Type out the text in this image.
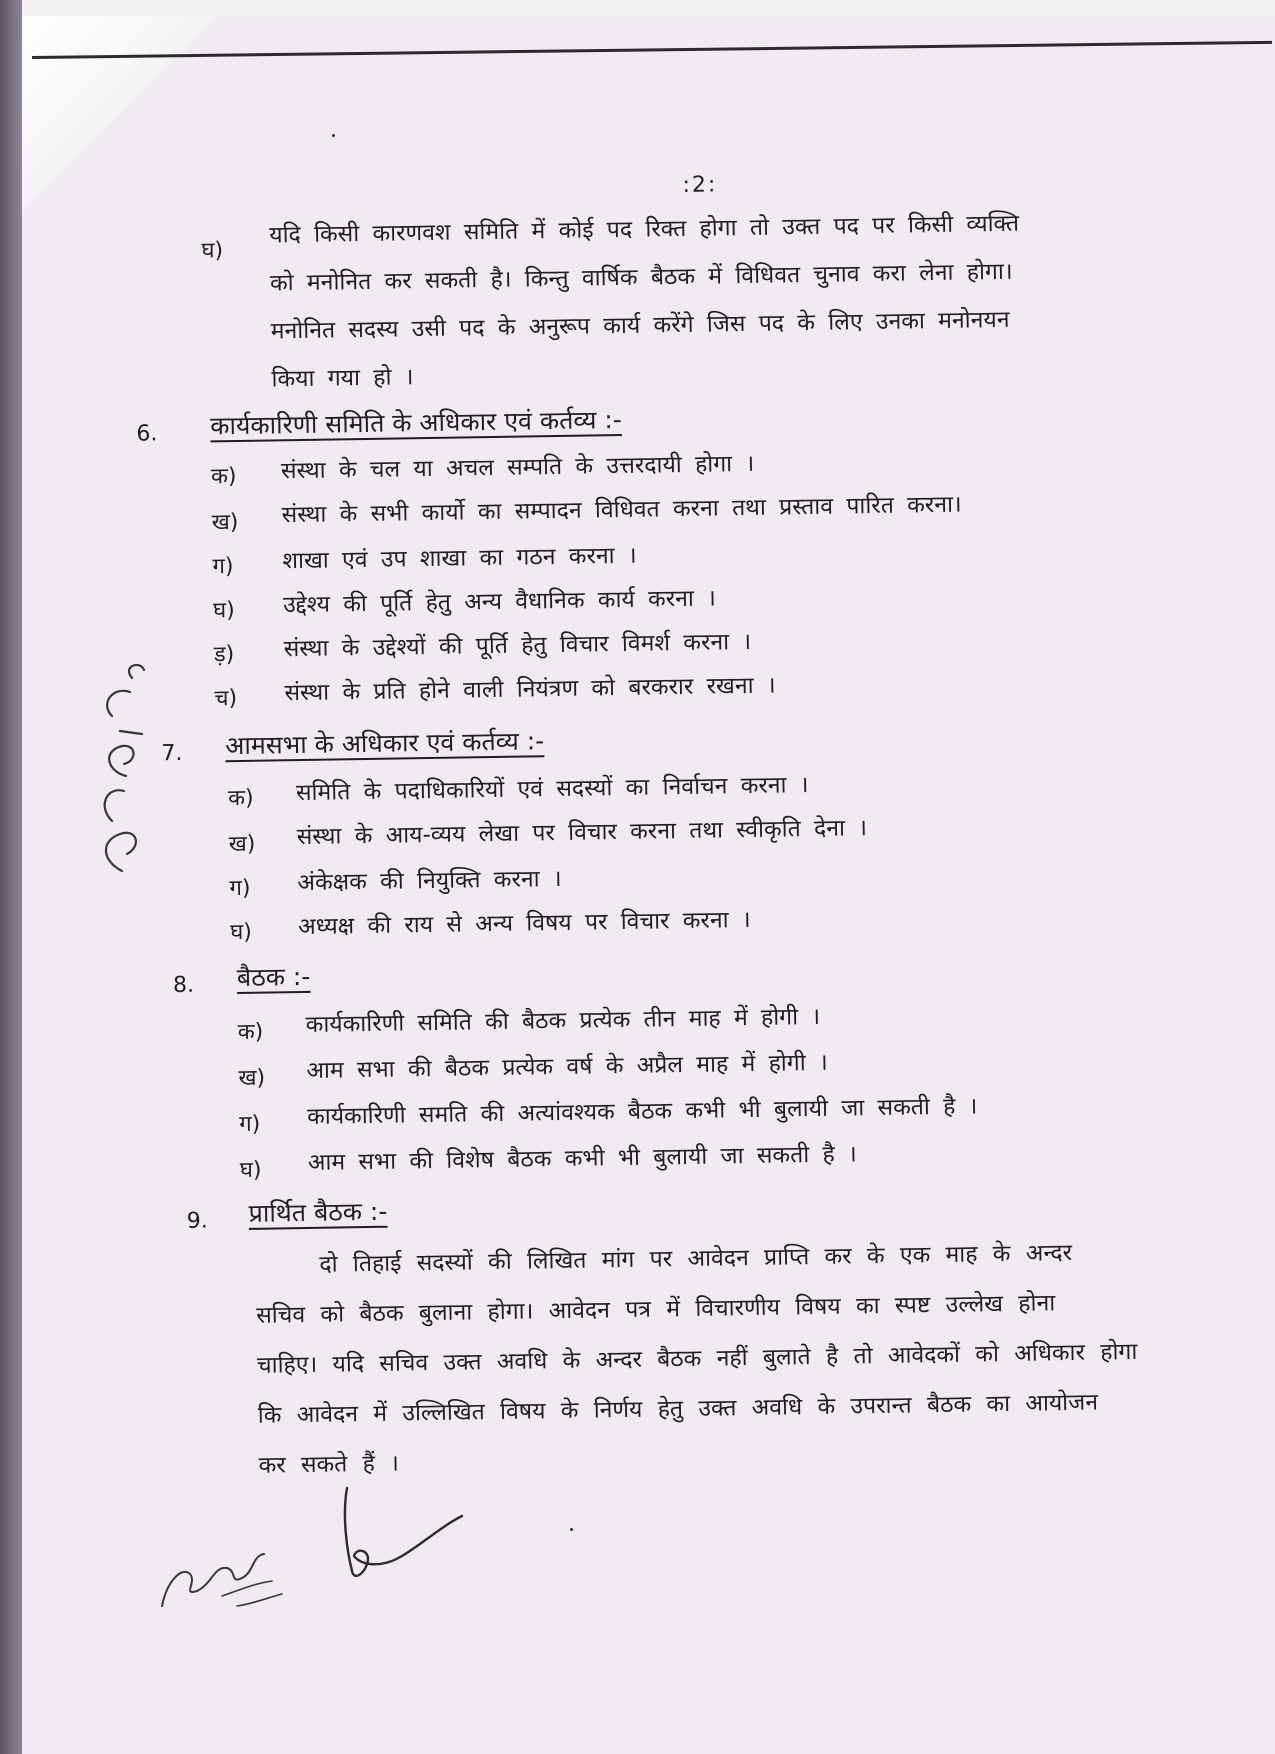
:2:
घ)
यदि किसी कारणवश समिति में कोई पद रिक्त होगा तो उक्त पद पर किसी व्यक्ति
को मनोनित कर सकती है। किन्तु वार्षिक बैठक में विधिवत चुनाव करा लेना होगा।
मनोनित सदस्य उसी पद के अनुरूप कार्य करेंगे जिस पद के लिए उनका मनोनयन
किया गया हो ।
6. कार्यकारिणी समिति के अधिकार एवं कर्तव्य :-
क)	संस्था के चल या अचल सम्पति के उत्तरदायी होगा ।
ख)	संस्था के सभी कार्यो का सम्पादन विधिवत करना तथा प्रस्ताव पारित करना।
ग)	शाखा एवं उप शाखा का गठन करना ।
घ)	उद्देश्य की पूर्ति हेतु अन्य वैधानिक कार्य करना ।
ड़)	संस्था के उद्देश्यों की पूर्ति हेतु विचार विमर्श करना ।
च)	संस्था के प्रति होने वाली नियंत्रण को बरकरार रखना ।
7. आमसभा के अधिकार एवं कर्तव्य :-
क)	समिति के पदाधिकारियों एवं सदस्यों का निर्वाचन करना ।
ख)	संस्था के आय-व्यय लेखा पर विचार करना तथा स्वीकृति देना ।
ग)	अंकेक्षक की नियुक्ति करना ।
घ)	अध्यक्ष की राय से अन्य विषय पर विचार करना ।
8. बैठक :-
क)	कार्यकारिणी समिति की बैठक प्रत्येक तीन माह में होगी ।
ख)	आम सभा की बैठक प्रत्येक वर्ष के अप्रैल माह में होगी ।
ग)	कार्यकारिणी समति की अत्यांवश्यक बैठक कभी भी बुलायी जा सकती है ।
घ)	आम सभा की विशेष बैठक कभी भी बुलायी जा सकती है ।
9. प्रार्थित बैठक :-
दो तिहाई सदस्यों की लिखित मांग पर आवेदन प्राप्ति कर के एक माह के अन्दर
सचिव को बैठक बुलाना होगा। आवेदन पत्र में विचारणीय विषय का स्पष्ट उल्लेख होना
चाहिए। यदि सचिव उक्त अवधि के अन्दर बैठक नहीं बुलाते है तो आवेदकों को अधिकार होगा
कि आवेदन में उल्लिखित विषय के निर्णय हेतु उक्त अवधि के उपरान्त बैठक का आयोजन
कर सकते हैं ।
